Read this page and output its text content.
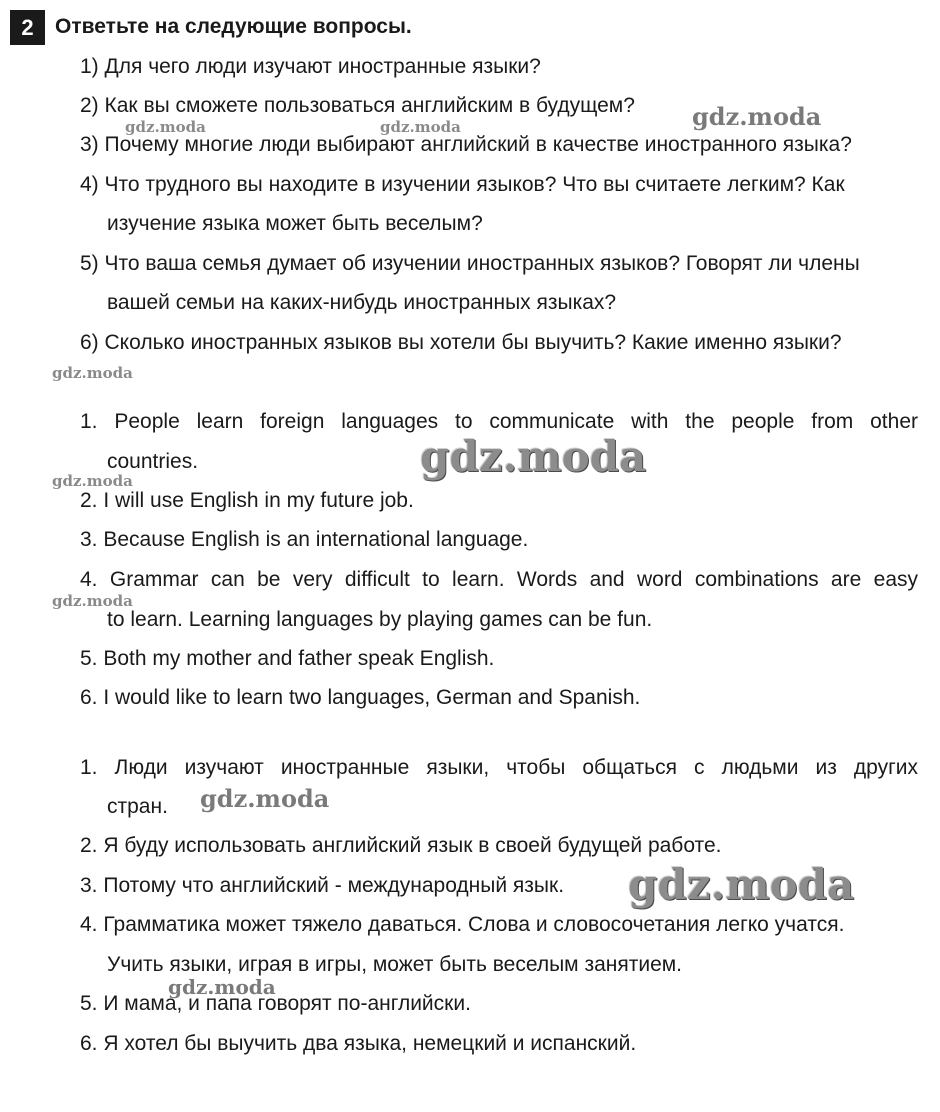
2	Ответьте на следующие вопросы.
1) Для чего люди изучают иностранные языки?
2) Как вы сможете пользоваться английским в будущем?
3) Почему многие люди выбирают английский в качестве иностранного языка?
4) Что трудного вы находите в изучении языков? Что вы считаете легким? Как
изучение языка может быть веселым?
5) Что ваша семья думает об изучении иностранных языков? Говорят ли члены
вашей семьи на каких-нибудь иностранных языках?
6) Сколько иностранных языков вы хотели бы выучить? Какие именно языки?
1. People learn foreign languages to communicate with the people from other
countries.
2. I will use English in my future job.
3. Because English is an international language.
4. Grammar can be very difficult to learn. Words and word combinations are easy
to learn. Learning languages by playing games can be fun.
5. Both my mother and father speak English.
6. I would like to learn two languages, German and Spanish.
1. Люди изучают иностранные языки, чтобы общаться с людьми из других
стран.
2. Я буду использовать английский язык в своей будущей работе.
3. Потому что английский - международный язык.
4. Грамматика может тяжело даваться. Слова и словосочетания легко учатся.
Учить языки, играя в игры, может быть веселым занятием.
5. И мама, и папа говорят по-английски.
6. Я хотел бы выучить два языка, немецкий и испанский.
gdz.moda	gdz.moda	gdz.moda
gdz.moda
gdz.moda
gdz.moda
gdz.moda
gdz.moda
gdz.moda
gdz.moda
